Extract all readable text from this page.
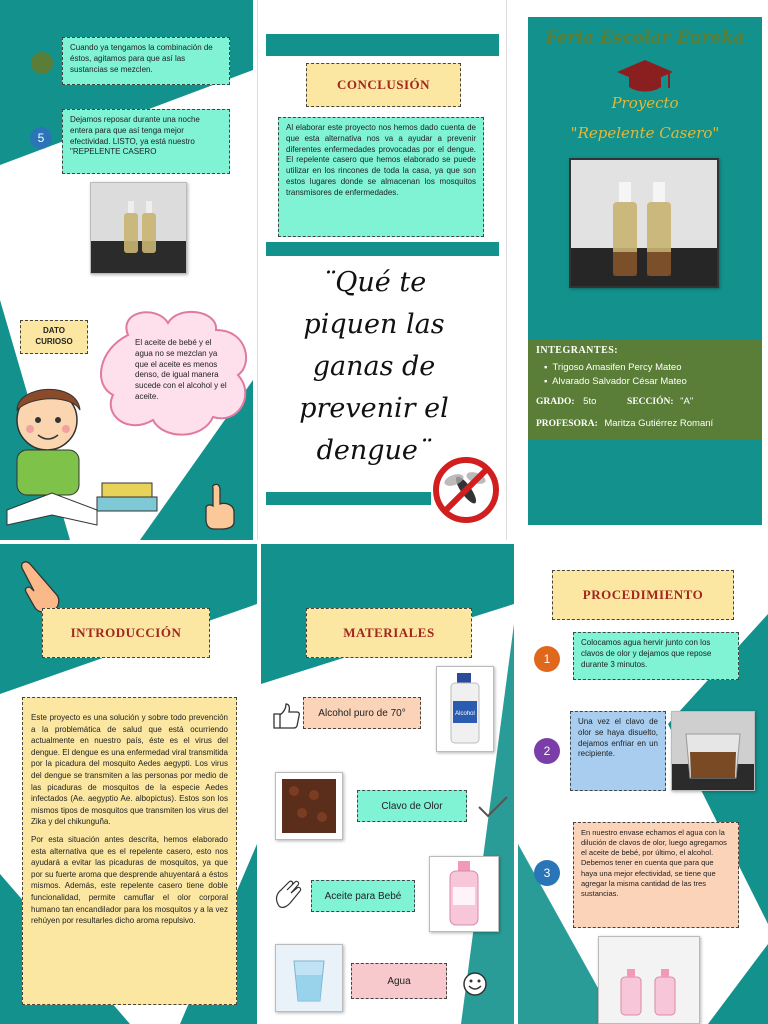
Cuando ya tengamos la combinación de éstos, agitamos para que así las sustancias se mezclen.
5
Dejamos reposar durante una noche entera para que así tenga mejor efectividad. LISTO, ya está nuestro "REPELENTE CASERO
DATO CURIOSO	El aceite de bebé y el agua no se mezclan ya que el aceite es menos denso, de igual manera sucede con el alcohol y el aceite.
CONCLUSIÓN
Al elaborar este proyecto nos hemos dado cuenta de que esta alternativa nos va a ayudar a prevenir diferentes enfermedades provocadas por el dengue. El repelente casero que hemos elaborado se puede utilizar en los rincones de toda la casa, ya que son estos lugares donde se almacenan los mosquitos transmisores de enfermedades.
¨Qué te
piquen las
ganas de
prevenir el
dengue¨
Feria Escolar Eureka
Proyecto
"Repelente Casero"
INTEGRANTES:
▪  Trigoso Amasifen Percy Mateo
▪  Alvarado Salvador César Mateo
GRADO: 5to	SECCIÓN: "A"
PROFESORA: Maritza Gutiérrez Romaní
INTRODUCCIÓN

Este proyecto es una solución y sobre todo prevención a la problemática de salud que está ocurriendo actualmente en nuestro país, éste es el virus del dengue. El dengue es una enfermedad viral transmitida por la picadura del mosquito Aedes aegypti. Los virus del dengue se transmiten a las personas por medio de las picaduras de mosquitos de la especie Aedes infectados (Ae. aegyptio Ae. albopictus). Estos son los mismos tipos de mosquitos que transmiten los virus del Zika y del chikunguña.

Por esta situación antes descrita, hemos elaborado esta alternativa que es el repelente casero, esto nos ayudará a evitar las picaduras de mosquitos, ya que por su fuerte aroma que desprende ahuyentará a éstos mismos. Además, este repelente casero tiene doble funcionalidad, permite camuflar el olor corporal humano tan encandilador para los mosquitos y a la vez rehúyen por resultarles dicho aroma repulsivo.

MATERIALES
Alcohol puro de 70°	Alcohol
Clavo de Olor
Aceite para Bebé
Agua
PROCEDIMIENTO
1
Colocamos agua hervir junto con los clavos de olor y dejamos que repose durante 3 minutos.
2
Una vez el clavo de olor se haya disuelto, dejamos enfriar en un recipiente.
3
En nuestro envase echamos el agua con la dilución de clavos de olor, luego agregamos el aceite de bebé, por último, el alcohol. Debemos tener en cuenta que para que haya una mejor efectividad, se tiene que agregar la misma cantidad de las tres sustancias.
